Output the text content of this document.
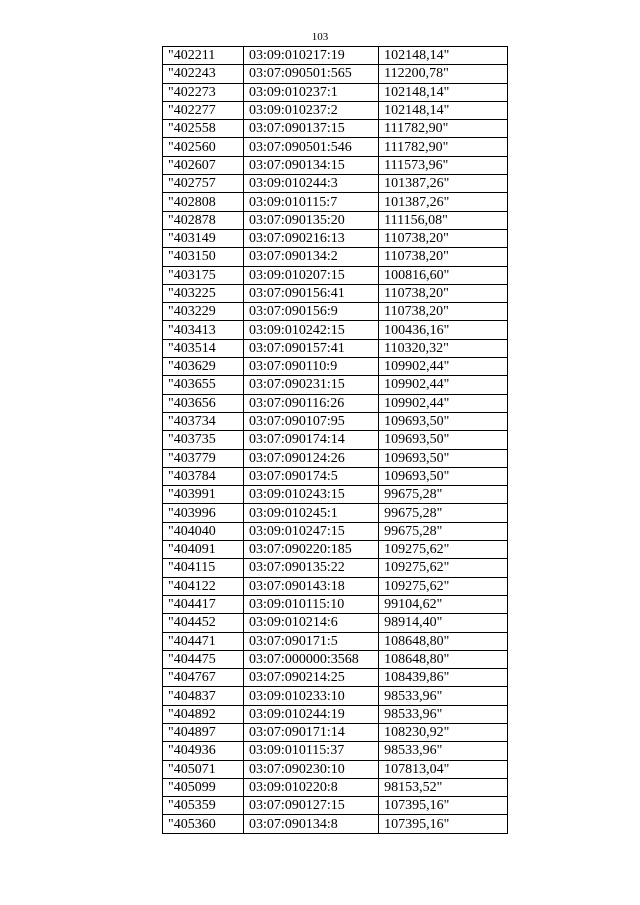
103
"402211	03:09:010217:19	102148,14"
"402243	03:07:090501:565	112200,78"
"402273	03:09:010237:1	102148,14"
"402277	03:09:010237:2	102148,14"
"402558	03:07:090137:15	111782,90"
"402560	03:07:090501:546	111782,90"
"402607	03:07:090134:15	111573,96"
"402757	03:09:010244:3	101387,26"
"402808	03:09:010115:7	101387,26"
"402878	03:07:090135:20	111156,08"
"403149	03:07:090216:13	110738,20"
"403150	03:07:090134:2	110738,20"
"403175	03:09:010207:15	100816,60"
"403225	03:07:090156:41	110738,20"
"403229	03:07:090156:9	110738,20"
"403413	03:09:010242:15	100436,16"
"403514	03:07:090157:41	110320,32"
"403629	03:07:090110:9	109902,44"
"403655	03:07:090231:15	109902,44"
"403656	03:07:090116:26	109902,44"
"403734	03:07:090107:95	109693,50"
"403735	03:07:090174:14	109693,50"
"403779	03:07:090124:26	109693,50"
"403784	03:07:090174:5	109693,50"
"403991	03:09:010243:15	99675,28"
"403996	03:09:010245:1	99675,28"
"404040	03:09:010247:15	99675,28"
"404091	03:07:090220:185	109275,62"
"404115	03:07:090135:22	109275,62"
"404122	03:07:090143:18	109275,62"
"404417	03:09:010115:10	99104,62"
"404452	03:09:010214:6	98914,40"
"404471	03:07:090171:5	108648,80"
"404475	03:07:000000:3568	108648,80"
"404767	03:07:090214:25	108439,86"
"404837	03:09:010233:10	98533,96"
"404892	03:09:010244:19	98533,96"
"404897	03:07:090171:14	108230,92"
"404936	03:09:010115:37	98533,96"
"405071	03:07:090230:10	107813,04"
"405099	03:09:010220:8	98153,52"
"405359	03:07:090127:15	107395,16"
"405360	03:07:090134:8	107395,16"
